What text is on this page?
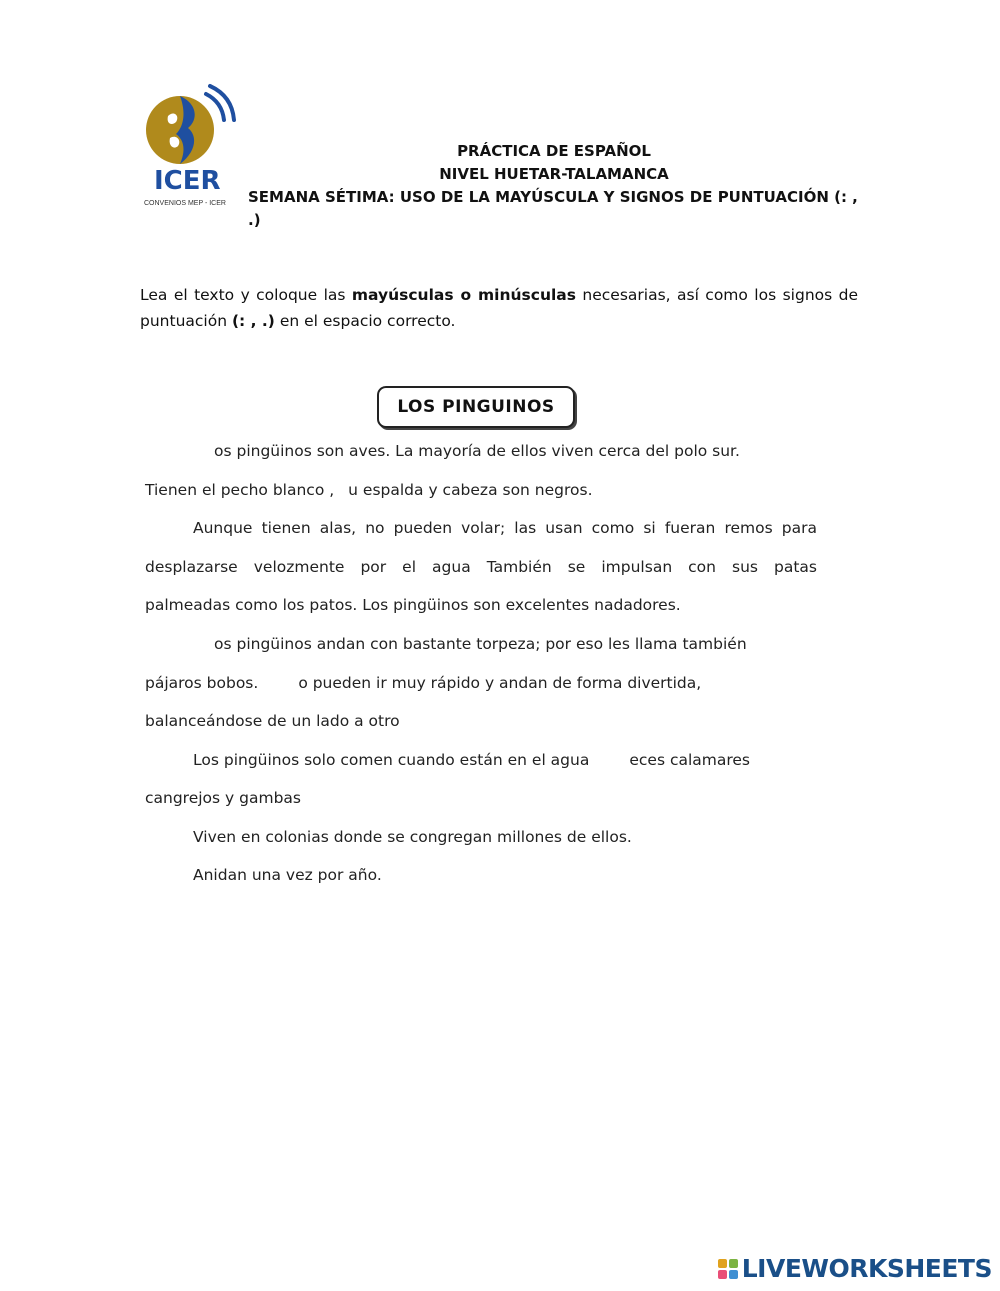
ICER
CONVENIOS MEP - ICER
PRÁCTICA DE ESPAÑOL
NIVEL HUETAR-TALAMANCA
SEMANA SÉTIMA: USO DE LA MAYÚSCULA Y SIGNOS DE PUNTUACIÓN (: , .)
Lea el texto y coloque las mayúsculas o minúsculas necesarias, así como los signos de puntuación (: , .) en el espacio correcto.
LOS PINGUINOS
os pingüinos son aves. La mayoría de ellos viven cerca del polo sur.
Tienen el pecho blanco , u espalda y cabeza son negros.
Aunque tienen alas, no pueden volar; las usan como si fueran remos para
desplazarse velozmente por el agua También se impulsan con sus patas
palmeadas como los patos. Los pingüinos son excelentes nadadores.
os pingüinos andan con bastante torpeza; por eso les llama también
pájaros bobos.	o pueden ir muy rápido y andan de forma divertida,
balanceándose de un lado a otro
Los pingüinos solo comen cuando están en el agua	eces calamares
cangrejos y gambas
Viven en colonias donde se congregan millones de ellos.
Anidan una vez por año.
LIVEWORKSHEETS
